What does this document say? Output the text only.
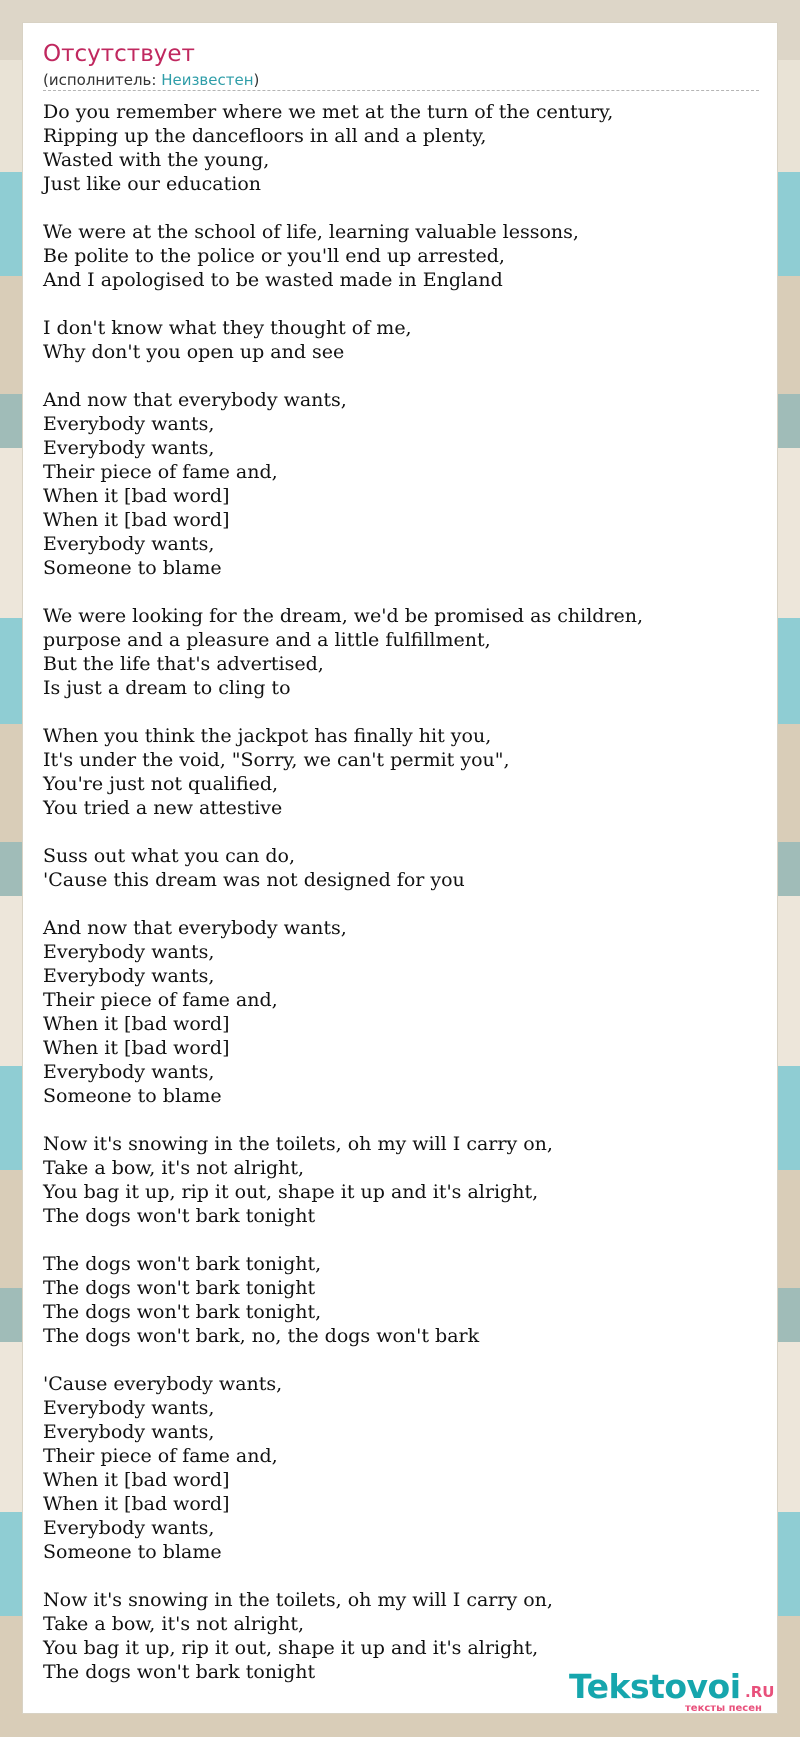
Отсутствует
(исполнитель: Неизвестен)
Do you remember where we met at the turn of the century,
Ripping up the dancefloors in all and a plenty,
Wasted with the young,
Just like our education

We were at the school of life, learning valuable lessons,
Be polite to the police or you'll end up arrested,
And I apologised to be wasted made in England

I don't know what they thought of me,
Why don't you open up and see

And now that everybody wants,
Everybody wants,
Everybody wants,
Their piece of fame and,
When it [bad word]
When it [bad word]
Everybody wants,
Someone to blame

We were looking for the dream, we'd be promised as children,
purpose and a pleasure and a little fulfillment,
But the life that's advertised,
Is just a dream to cling to

When you think the jackpot has finally hit you,
It's under the void, "Sorry, we can't permit you",
You're just not qualified,
You tried a new attestive

Suss out what you can do,
'Cause this dream was not designed for you

And now that everybody wants,
Everybody wants,
Everybody wants,
Their piece of fame and,
When it [bad word]
When it [bad word]
Everybody wants,
Someone to blame

Now it's snowing in the toilets, oh my will I carry on,
Take a bow, it's not alright,
You bag it up, rip it out, shape it up and it's alright,
The dogs won't bark tonight

The dogs won't bark tonight,
The dogs won't bark tonight
The dogs won't bark tonight,
The dogs won't bark, no, the dogs won't bark

'Cause everybody wants,
Everybody wants,
Everybody wants,
Their piece of fame and,
When it [bad word]
When it [bad word]
Everybody wants,
Someone to blame

Now it's snowing in the toilets, oh my will I carry on,
Take a bow, it's not alright,
You bag it up, rip it out, shape it up and it's alright,
The dogs won't bark tonight	Tekstovoi .RU
тексты песен
